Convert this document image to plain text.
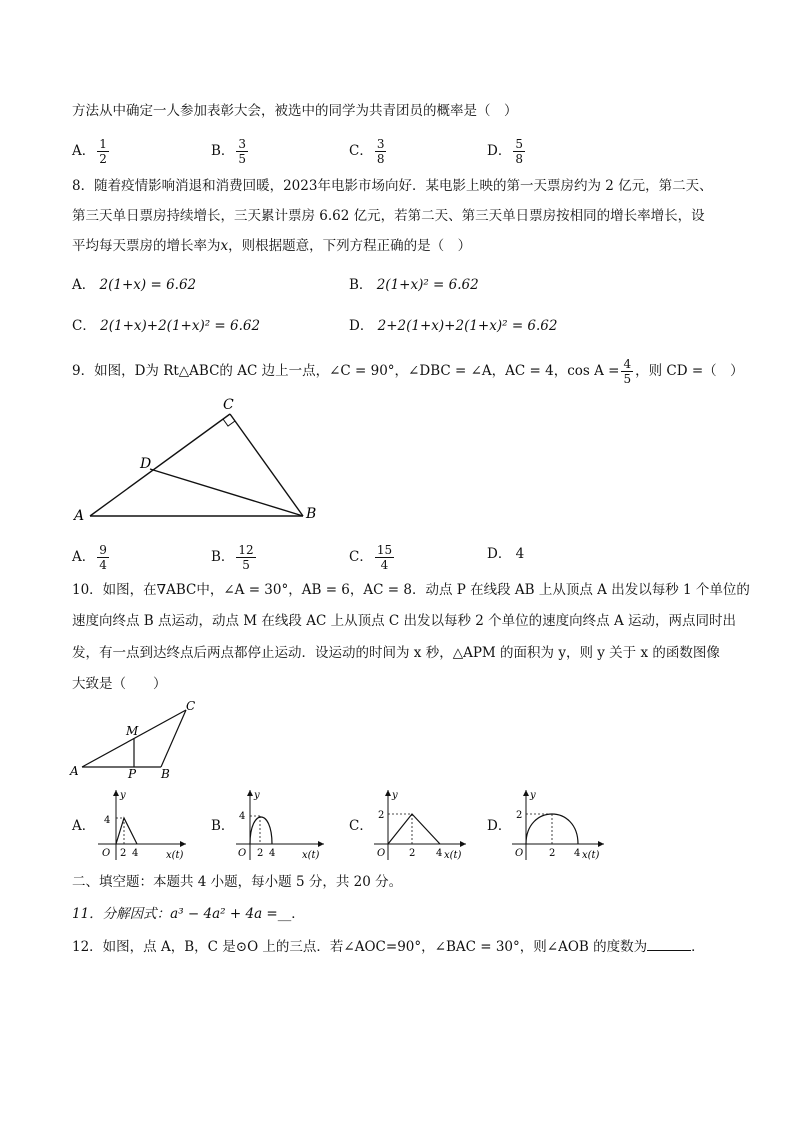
方法从中确定一人参加表彰大会，被选中的同学为共青团员的概率是（　）
A． $\frac{1}{2}$	B． $\frac{3}{5}$	C． $\frac{3}{8}$	D． $\frac{5}{8}$
8．随着疫情影响消退和消费回暖，2023年电影市场向好．某电影上映的第一天票房约为 2 亿元，第二天、
第三天单日票房持续增长，三天累计票房 6.62 亿元，若第二天、第三天单日票房按相同的增长率增长，设
平均每天票房的增长率为x，则根据题意，下列方程正确的是（　）
A． 2(1+x) = 6.62	B． 2(1+x)² = 6.62
C． 2(1+x)+2(1+x)² = 6.62	D． 2+2(1+x)+2(1+x)² = 6.62
9．如图，D为 Rt△ABC的 AC 边上一点，∠C = 90°，∠DBC = ∠A，AC = 4，$\cos A = \frac{4}{5}$ ，则 CD =（　）
A	B
C
D
A． $\frac{9}{4}$	B． $\frac{12}{5}$	C． $\frac{15}{4}$	D． 4
10．如图，在∇ABC中，∠A = 30°，AB = 6，AC = 8．动点 P 在线段 AB 上从顶点 A 出发以每秒 1 个单位的
速度向终点 B 点运动，动点 M 在线段 AC 上从顶点 C 出发以每秒 2 个单位的速度向终点 A 运动，两点同时出
发，有一点到达终点后两点都停止运动．设运动的时间为 x 秒，△APM 的面积为 y，则 y 关于 x 的函数图像
大致是（　　）
A	B
C
M
P
A．
y
4
O 2 4	x(t)
B．
y
4
O 2 4	x(t)
C．
y
2
O 2 4 x(t)
D．
y
2
O	2 4 x(t)
二、填空题：本题共 4 小题，每小题 5 分，共 20 分。
11．分解因式：a³ − 4a² + 4a =__．
12．如图，点 A，B，C 是⊙O 上的三点．若∠AOC=90°，∠BAC = 30°，则∠AOB 的度数为	．
